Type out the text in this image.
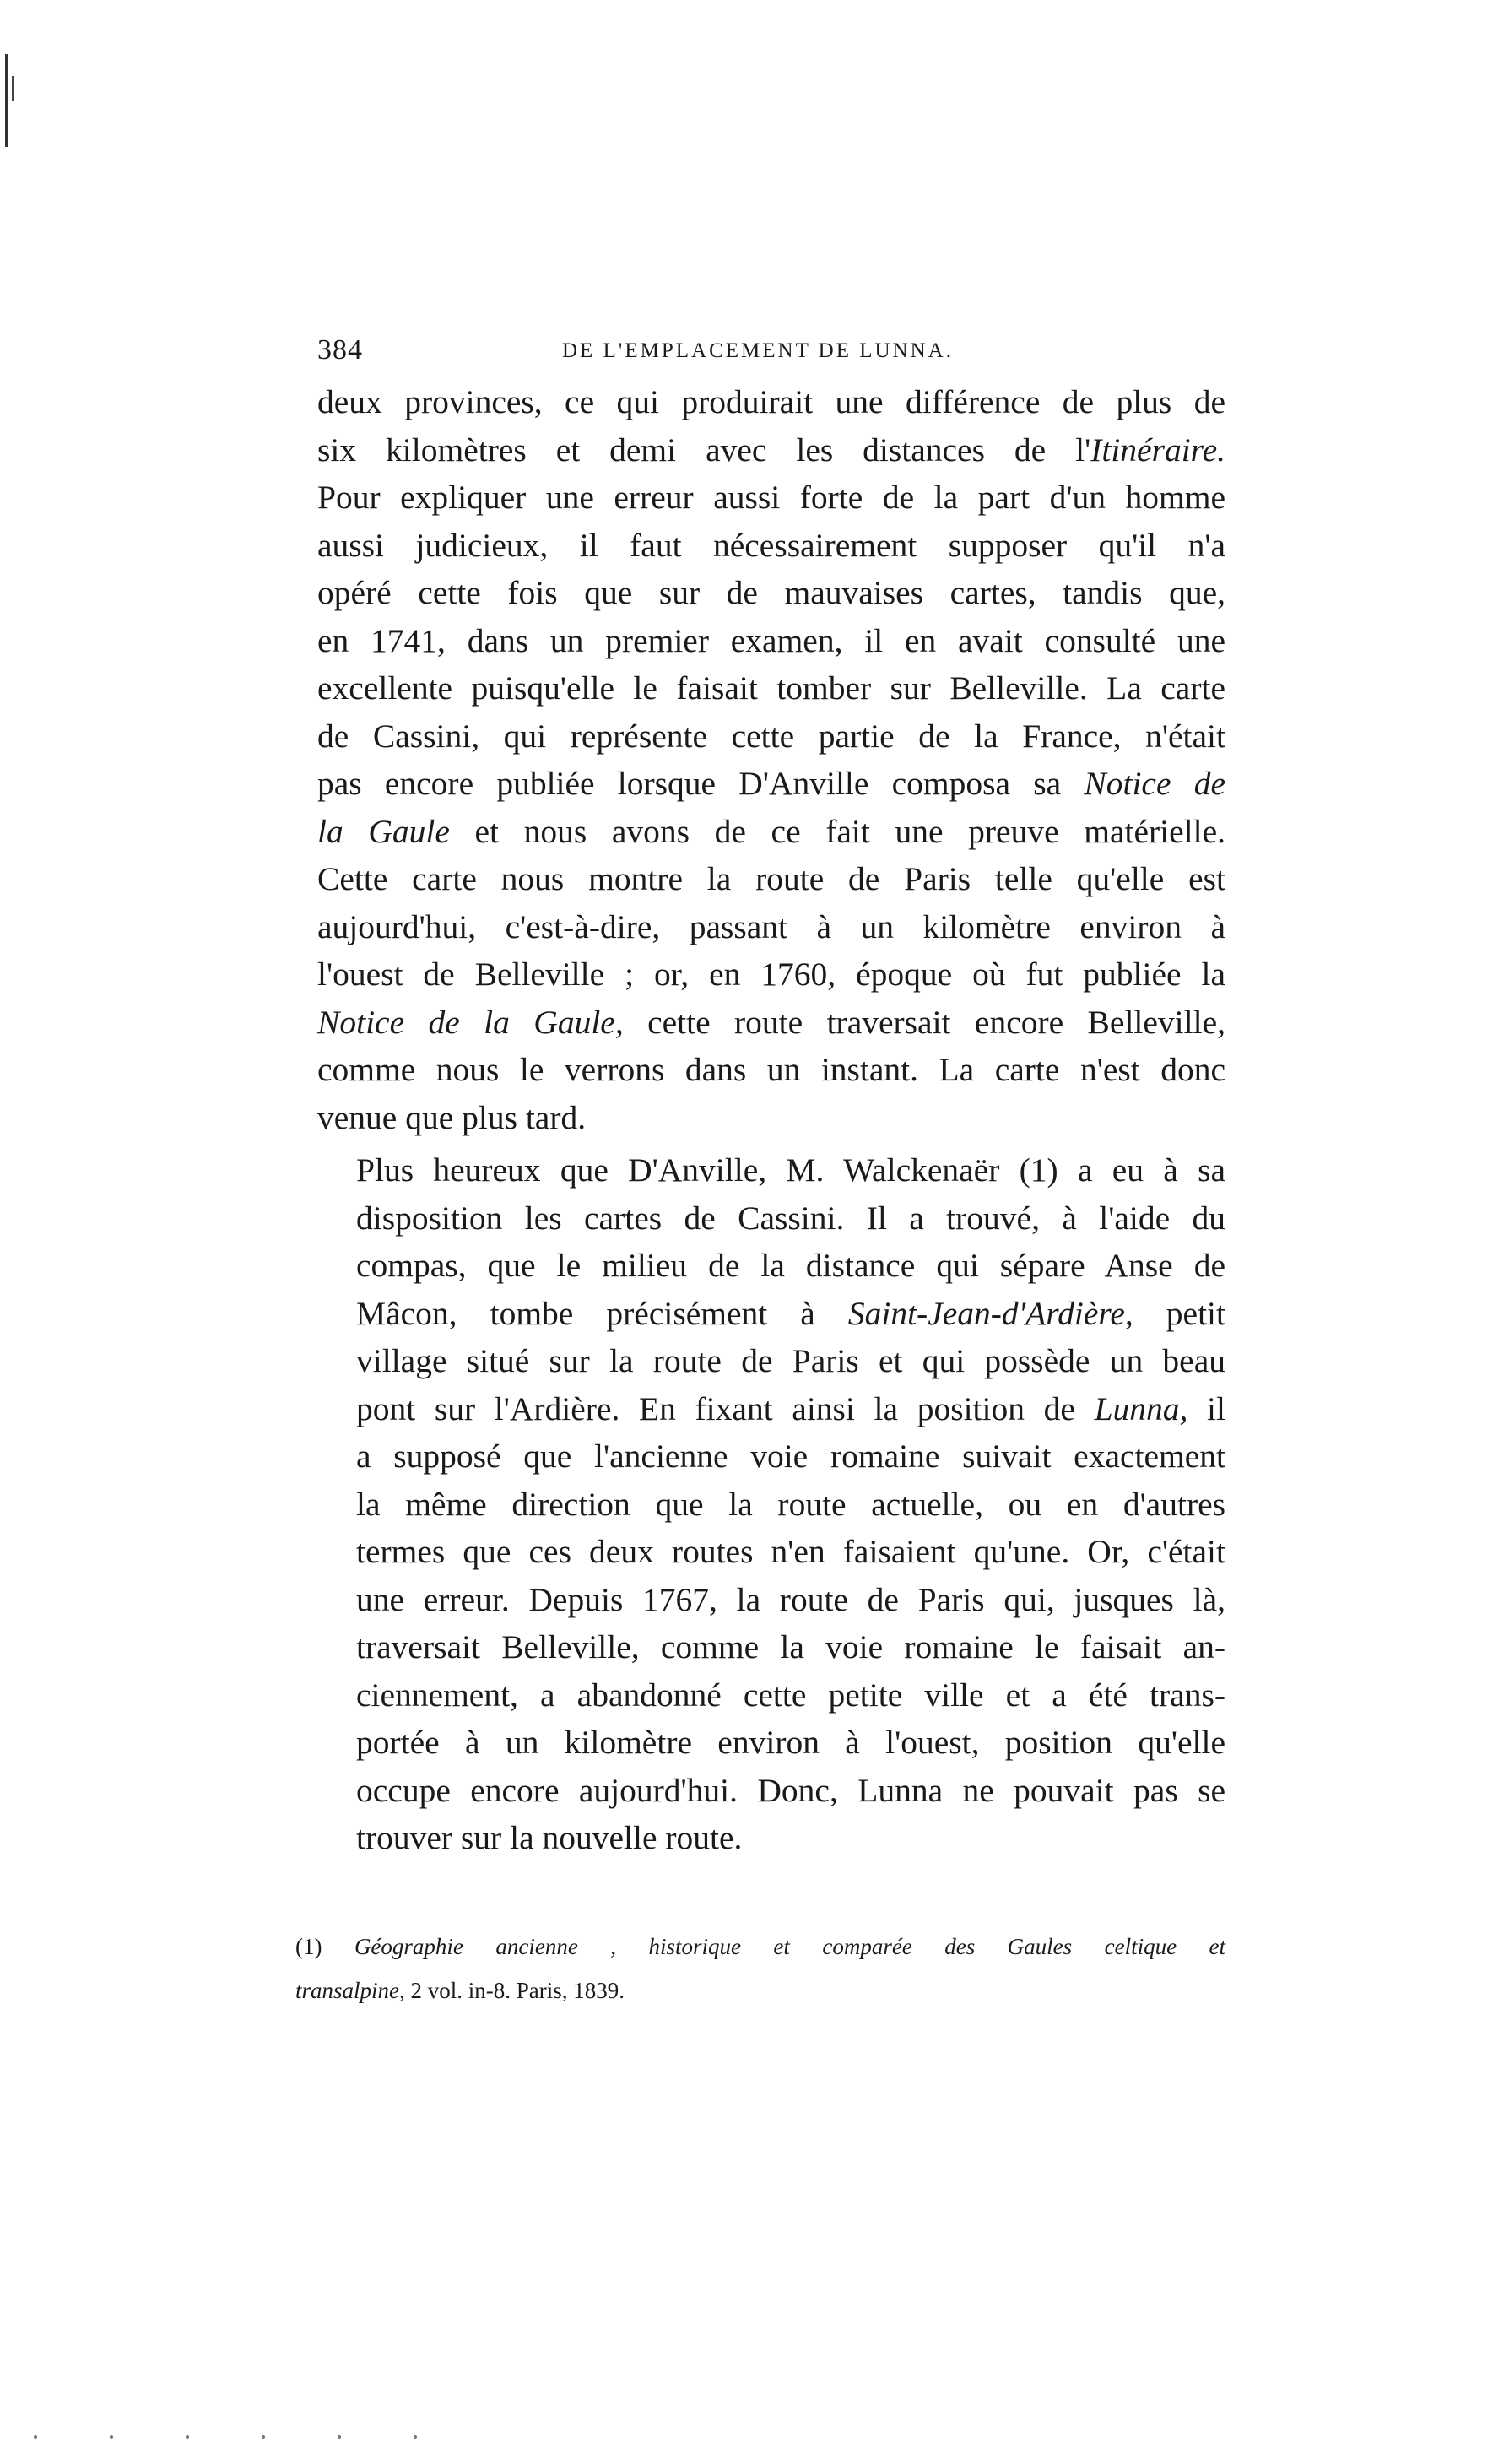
384	DE L'EMPLACEMENT DE LUNNA.

deux provinces, ce qui produirait une différence de plus de
six kilomètres et demi avec les distances de l'Itinéraire.
Pour expliquer une erreur aussi forte de la part d'un homme
aussi judicieux, il faut nécessairement supposer qu'il n'a
opéré cette fois que sur de mauvaises cartes, tandis que,
en 1741, dans un premier examen, il en avait consulté une
excellente puisqu'elle le faisait tomber sur Belleville. La carte
de Cassini, qui représente cette partie de la France, n'était
pas encore publiée lorsque D'Anville composa sa Notice de
la Gaule et nous avons de ce fait une preuve matérielle.
Cette carte nous montre la route de Paris telle qu'elle est
aujourd'hui, c'est-à-dire, passant à un kilomètre environ à
l'ouest de Belleville ; or, en 1760, époque où fut publiée la
Notice de la Gaule, cette route traversait encore Belleville,
comme nous le verrons dans un instant. La carte n'est donc
venue que plus tard.

Plus heureux que D'Anville, M. Walckenaër (1) a eu à sa
disposition les cartes de Cassini. Il a trouvé, à l'aide du
compas, que le milieu de la distance qui sépare Anse de
Mâcon, tombe précisément à Saint-Jean-d'Ardière, petit
village situé sur la route de Paris et qui possède un beau
pont sur l'Ardière. En fixant ainsi la position de Lunna, il
a supposé que l'ancienne voie romaine suivait exactement
la même direction que la route actuelle, ou en d'autres
termes que ces deux routes n'en faisaient qu'une. Or, c'était
une erreur. Depuis 1767, la route de Paris qui, jusques là,
traversait Belleville, comme la voie romaine le faisait an-
ciennement, a abandonné cette petite ville et a été trans-
portée à un kilomètre environ à l'ouest, position qu'elle
occupe encore aujourd'hui. Donc, Lunna ne pouvait pas se
trouver sur la nouvelle route.

(1) Géographie ancienne , historique et comparée des Gaules celtique et
transalpine, 2 vol. in-8. Paris, 1839.
